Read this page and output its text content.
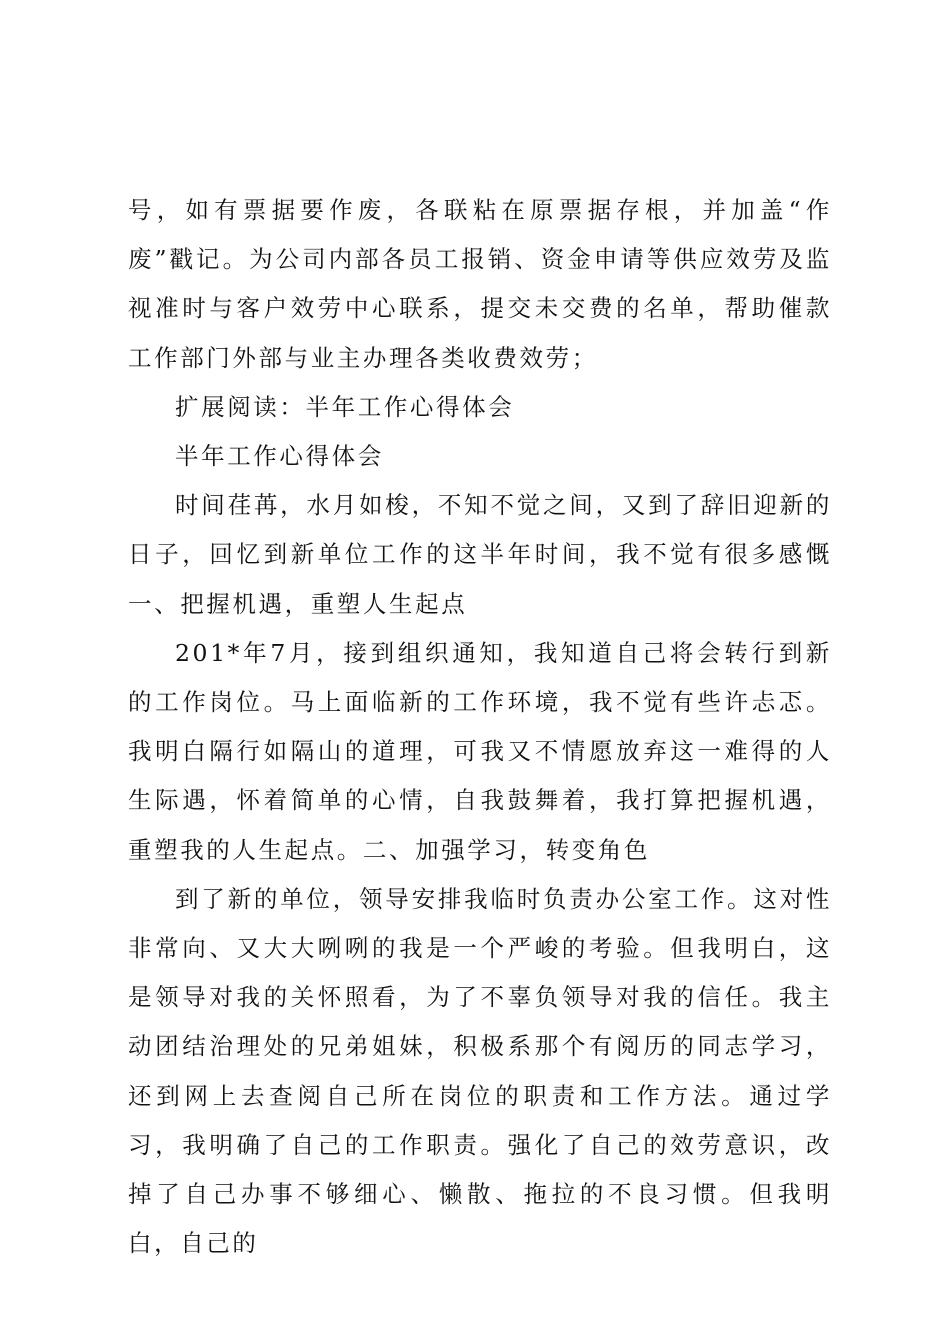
号，如有票据要作废，各联粘在原票据存根，并加盖“作废”戳记。为公司内部各员工报销、资金申请等供应效劳及监视准时与客户效劳中心联系，提交未交费的名单，帮助催款工作部门外部与业主办理各类收费效劳；

扩展阅读：半年工作心得体会

半年工作心得体会

时间荏苒，水月如梭，不知不觉之间，又到了辞旧迎新的日子，回忆到新单位工作的这半年时间，我不觉有很多感慨一、把握机遇，重塑人生起点

201*年7月，接到组织通知，我知道自己将会转行到新的工作岗位。马上面临新的工作环境，我不觉有些许忐忑。我明白隔行如隔山的道理，可我又不情愿放弃这一难得的人生际遇，怀着简单的心情，自我鼓舞着，我打算把握机遇，重塑我的人生起点。二、加强学习，转变角色

到了新的单位，领导安排我临时负责办公室工作。这对性非常向、又大大咧咧的我是一个严峻的考验。但我明白，这是领导对我的关怀照看，为了不辜负领导对我的信任。我主动团结治理处的兄弟姐妹，积极系那个有阅历的同志学习，还到网上去查阅自己所在岗位的职责和工作方法。通过学习，我明确了自己的工作职责。强化了自己的效劳意识，改掉了自己办事不够细心、懒散、拖拉的不良习惯。但我明白，自己的
